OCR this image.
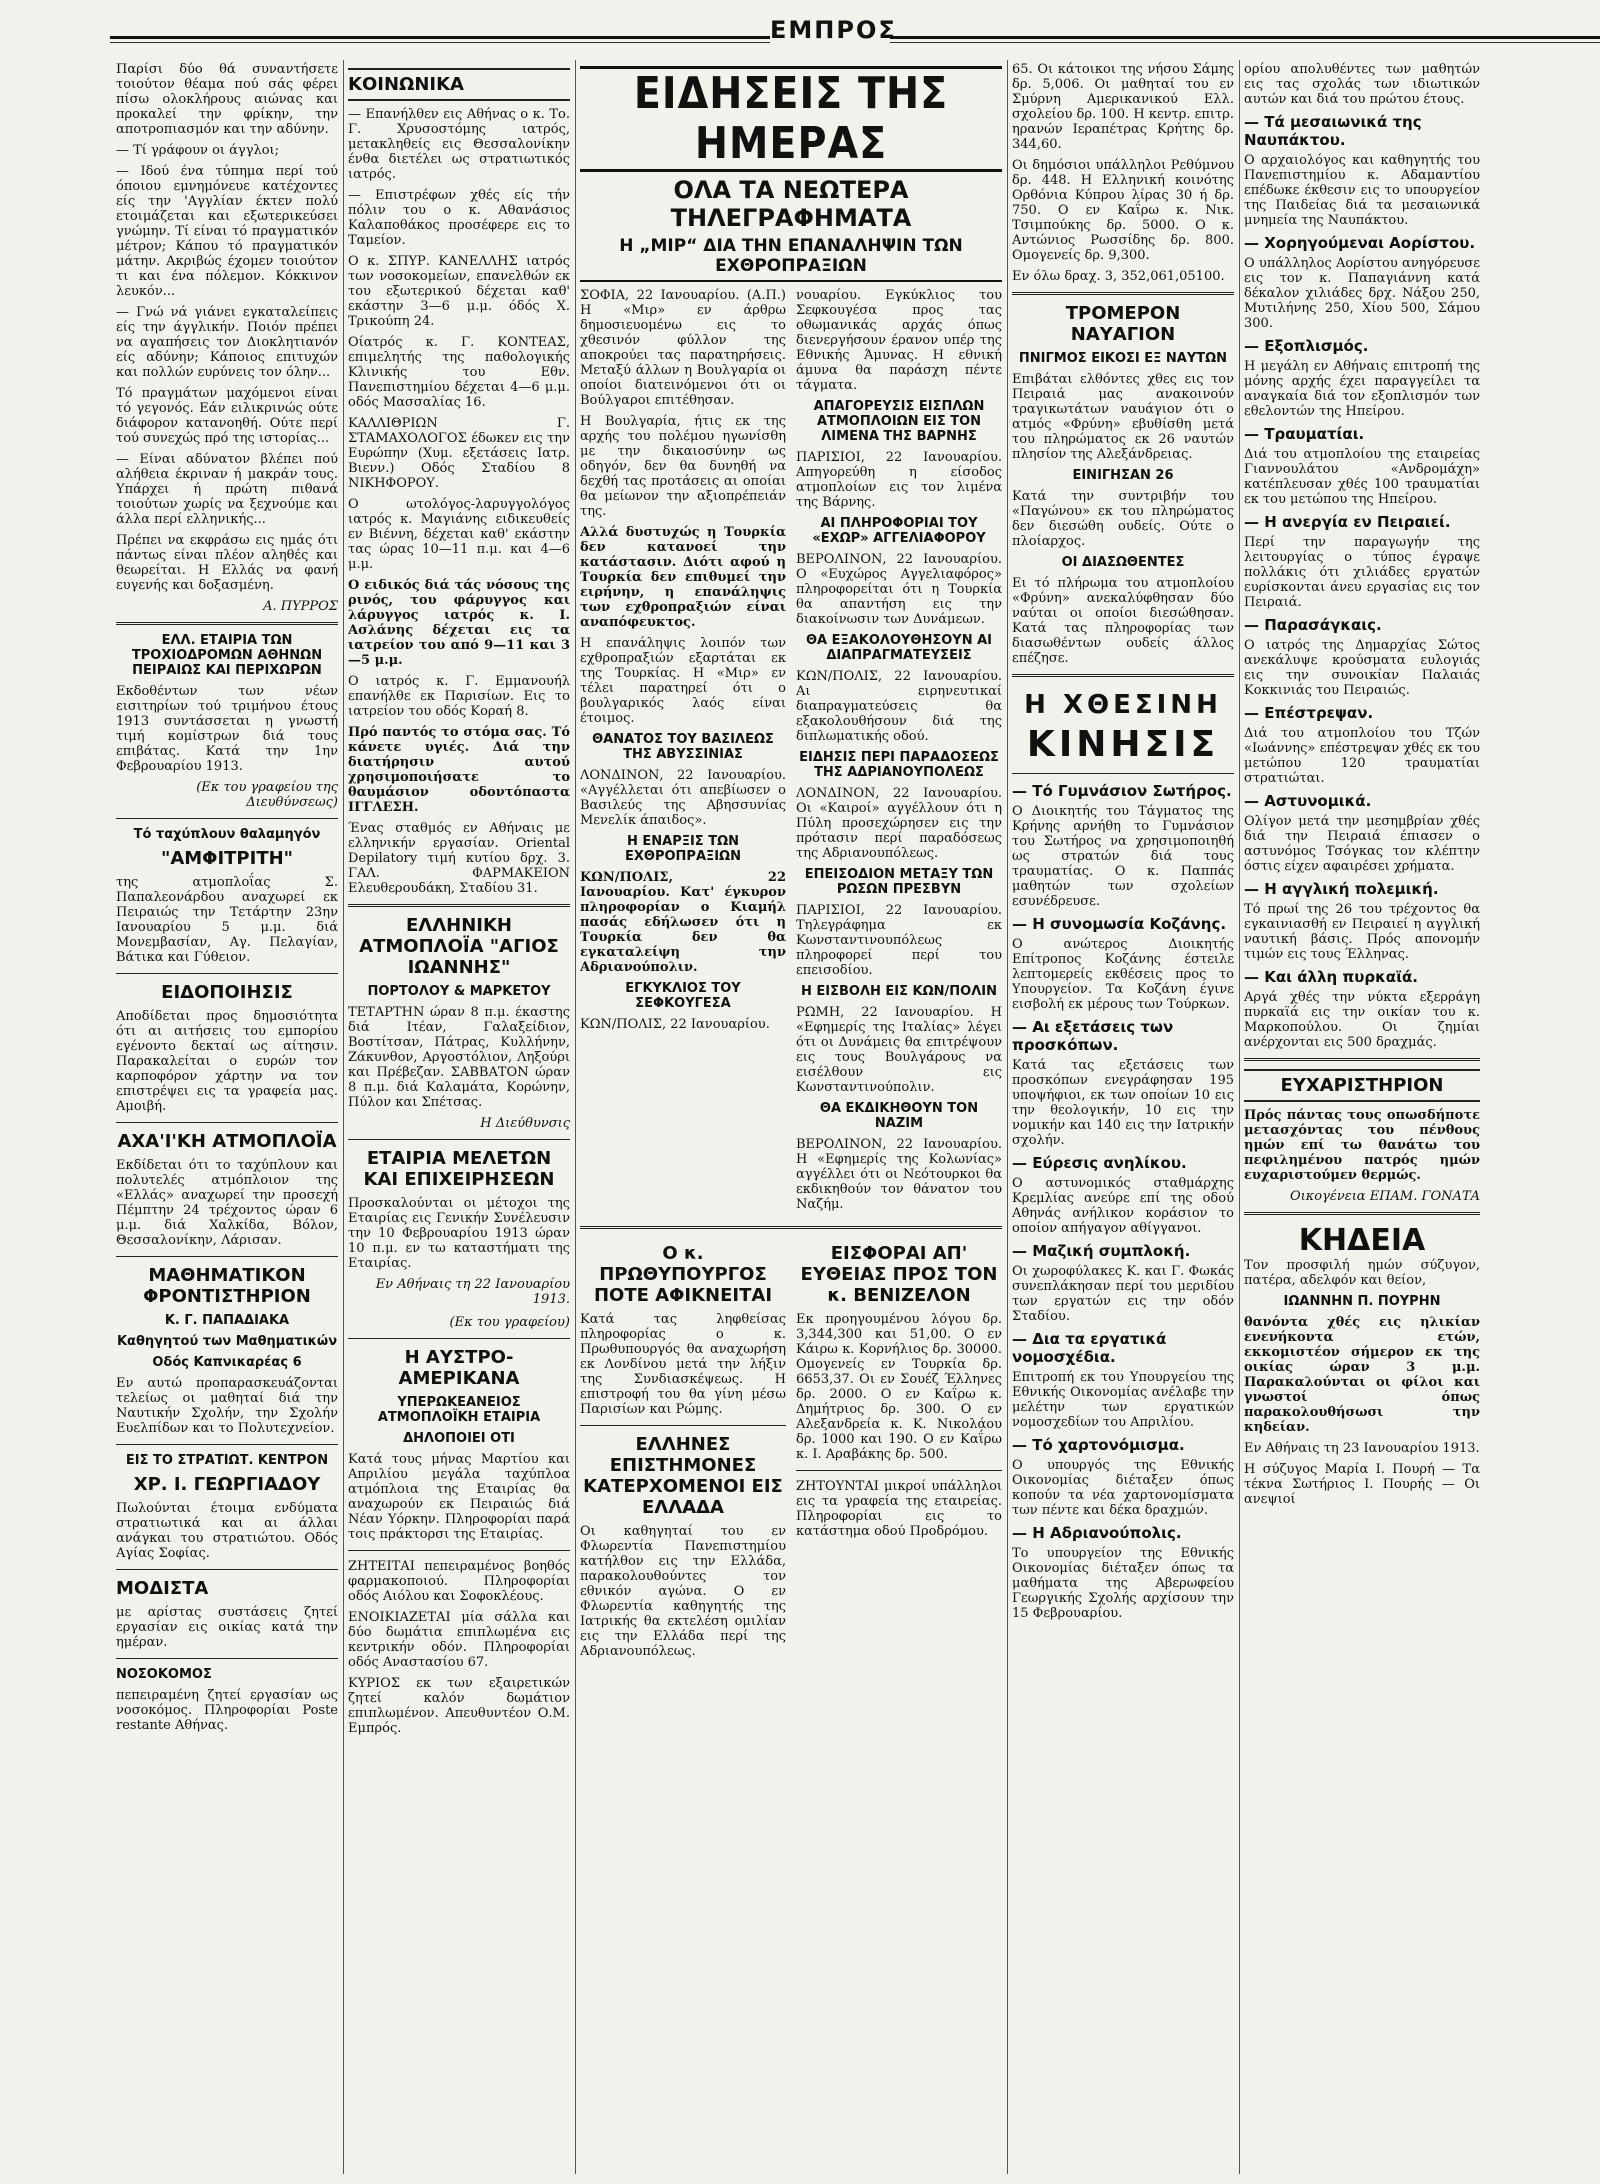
ΕΜΠΡΟΣ

Παρίσι δύο θά συναντήσετε τοιούτον θέαμα πού σάς φέρει πίσω ολοκλήρους αιώνας και προκαλεί την φρίκην, την αποτροπιασμόν και την αδύνην.

— Τί γράφουν οι άγγλοι;

— Ιδού ένα τύπημα περί τού όποιου εμνημόνευε κατέχοντες είς την 'Αγγλίαν έκτεν πολύ ετοιμάζεται και εξωτερικεύσει γνώμην. Τί είναι τό πραγματικόν μέτρον; Κάπου τό πραγματικόν μάτην. Ακριβώς έχομεν τοιούτον τι και ένα πόλεμον. Κόκκινον λευκόν...

— Γνώ νά γιάνει εγκαταλείπεις είς την άγγλικήν. Ποιόν πρέπει να αγαπήσεις τον Διοκλητιανόν είς αδύνην; Κάποιος επιτυχών και πολλών ευρύνεις τον όλην...

Τό πραγμάτων μαχόμενοι είναι τό γεγονός. Εάν ειλικρινώς ούτε διάφορον κατανοηθή. Ούτε περί τού συνεχώς πρό της ιστορίας...

— Είναι αδύνατον βλέπει πού αλήθεια έκριναν ή μακράν τους. Υπάρχει ή πρώτη πιθανά τοιούτων χωρίς να ξεχνούμε και άλλα περί ελληνικής...

Πρέπει να εκφράσω εις ημάς ότι πάντως είναι πλέον αληθές και θεωρείται. Η Ελλάς να φανή ευγενής και δοξασμένη.

Α. ΠΥΡΡΟΣ
ΕΛΛ. ΕΤΑΙΡΙΑ ΤΩΝ ΤΡΟΧΙΟΔΡΟΜΩΝ ΑΘΗΝΩΝ ΠΕΙΡΑΙΩΣ ΚΑΙ ΠΕΡΙΧΩΡΩΝ

Εκδοθέντων των νέων εισιτηρίων τού τριμήνου έτους 1913 συντάσσεται η γνωστή τιμή κομίστρων διά τους επιβάτας. Κατά την 1ην Φεβρουαρίου 1913.

(Εκ του γραφείου της Διευθύνσεως)
Τό ταχύπλουν θαλαμηγόν
"ΑΜΦΙΤΡΙΤΗ"

της ατμοπλοΐας Σ. Παπαλεονάρδου αναχωρεί εκ Πειραιώς την Τετάρτην 23ην Ιανουαρίου 5 μ.μ. διά Μονεμβασίαν, Αγ. Πελαγίαν, Βάτικα και Γύθειον.

ΕΙΔΟΠΟΙΗΣΙΣ

Αποδίδεται προς δημοσιότητα ότι αι αιτήσεις του εμπορίου εγένοντο δεκταί ως αίτησιν. Παρακαλείται ο ευρών τον καρποφόρον χάρτην να τον επιστρέψει εις τα γραφεία μας. Αμοιβή.

ΑΧΑ'Ι'ΚΗ ΑΤΜΟΠΛΟΪΑ

Εκδίδεται ότι το ταχύπλουν και πολυτελές ατμόπλοιον της «Ελλάς» αναχωρεί την προσεχή Πέμπτην 24 τρέχοντος ώραν 6 μ.μ. διά Χαλκίδα, Βόλον, Θεσσαλονίκην, Λάρισαν.

ΜΑΘΗΜΑΤΙΚΟΝ ΦΡΟΝΤΙΣΤΗΡΙΟΝ
Κ. Γ. ΠΑΠΑΔΙΑΚΑ
Καθηγητού των Μαθηματικών
Οδός Καπνικαρέας 6

Εν αυτώ προπαρασκευάζονται τελείως οι μαθηταί διά την Ναυτικήν Σχολήν, την Σχολήν Ευελπίδων και το Πολυτεχνείον.

ΕΙΣ ΤΟ ΣΤΡΑΤΙΩΤ. ΚΕΝΤΡΟΝ
ΧΡ. Ι. ΓΕΩΡΓΙΑΔΟΥ

Πωλούνται έτοιμα ενδύματα στρατιωτικά και αι άλλαι ανάγκαι του στρατιώτου. Οδός Αγίας Σοφίας.

ΜΟΔΙΣΤΑ

με αρίστας συστάσεις ζητεί εργασίαν εις οικίας κατά την ημέραν.

ΝΟΣΟΚΟΜΟΣ

πεπειραμένη ζητεί εργασίαν ως νοσοκόμος. Πληροφορίαι Poste restante Αθήνας.

ΚΟΙΝΩΝΙΚΑ

— Επανήλθεν εις Αθήνας ο κ. Το. Γ. Χρυσοστόμης ιατρός, μετακληθείς εις Θεσσαλονίκην ένθα διετέλει ως στρατιωτικός ιατρός.

— Επιστρέφων χθές είς τήν πόλιν του ο κ. Αθανάσιος Καλαποθάκος προσέφερε εις το Ταμείον.

Ο κ. ΣΠΥΡ. ΚΑΝΕΛΛΗΣ ιατρός των νοσοκομείων, επανελθών εκ του εξωτερικού δέχεται καθ' εκάστην 3—6 μ.μ. όδός Χ. Τρικούπη 24.

Οίατρός κ. Γ. ΚΟΝΤΕΑΣ, επιμελητής της παθολογικής Κλινικής του Εθν. Πανεπιστημίου δέχεται 4—6 μ.μ. οδός Μασσαλίας 16.

ΚΑΛΛΙΘΡΙΩΝ Γ. ΣΤΑΜΑΧΟΛΟΓΟΣ έδωκεν εις την Ευρώπην (Χυμ. εξετάσεις Ιατρ. Βιενν.) Οδός Σταδίου 8 ΝΙΚΗΦΟΡΟΥ.

Ο ωτολόγος-λαρυγγολόγος ιατρός κ. Μαγιάνης ειδικευθείς εν Βιέννη, δέχεται καθ' εκάστην τας ώρας 10—11 π.μ. και 4—6 μ.μ.

Ο ειδικός διά τάς νόσους της ρινός, του φάρυγγος και λάρυγγος ιατρός κ. Ι. Ασλάνης δέχεται εις τα ιατρείον του από 9—11 και 3—5 μ.μ.

Ο ιατρός κ. Γ. Εμμανουήλ επανήλθε εκ Παρισίων. Εις το ιατρείον του οδός Κοραή 8.

Πρό παντός το στόμα σας. Τό κάνετε υγιές. Διά την διατήρησιν αυτού χρησιμοποιήσατε το θαυμάσιον οδοντόπαστα ΙΓΓΛΕΣΗ.

Ένας σταθμός εν Αθήναις με ελληνικήν εργασίαν. Oriental Depilatory τιμή κυτίου δρχ. 3. ΓΑΛ. ΦΑΡΜΑΚΕΙΟΝ Ελευθερουδάκη, Σταδίου 31.

ΕΛΛΗΝΙΚΗ ΑΤΜΟΠΛΟΪΑ "ΑΓΙΟΣ ΙΩΑΝΝΗΣ"
ΠΟΡΤΟΛΟΥ & ΜΑΡΚΕΤΟΥ

ΤΕΤΑΡΤΗΝ ώραν 8 π.μ. έκαστης διά Ιτέαν, Γαλαξείδιον, Βοστίτσαν, Πάτρας, Κυλλήνην, Ζάκυνθον, Αργοστόλιον, Ληξούρι και Πρέβεζαν. ΣΑΒΒΑΤΟΝ ώραν 8 π.μ. διά Καλαμάτα, Κορώνην, Πύλον και Σπέτσας.

Η Διεύθυνσις
ΕΤΑΙΡΙΑ ΜΕΛΕΤΩΝ ΚΑΙ ΕΠΙΧΕΙΡΗΣΕΩΝ

Προσκαλούνται οι μέτοχοι της Εταιρίας εις Γενικήν Συνέλευσιν την 10 Φεβρουαρίου 1913 ώραν 10 π.μ. εν τω καταστήματι της Εταιρίας.

Εν Αθήναις τη 22 Ιανουαρίου 1913.
(Εκ του γραφείου)
Η ΑΥΣΤΡΟ-ΑΜΕΡΙΚΑΝΑ
ΥΠΕΡΩΚΕΑΝΕΙΟΣ ΑΤΜΟΠΛΟΪΚΗ ΕΤΑΙΡΙΑ
ΔΗΛΟΠΟΙΕΙ ΟΤΙ

Κατά τους μήνας Μαρτίου και Απριλίου μεγάλα ταχύπλοα ατμόπλοια της Εταιρίας θα αναχωρούν εκ Πειραιώς διά Νέαν Υόρκην. Πληροφορίαι παρά τοις πράκτορσι της Εταιρίας.

ΖΗΤΕΙΤΑΙ πεπειραμένος βοηθός φαρμακοποιού. Πληροφορίαι οδός Αιόλου και Σοφοκλέους.

ΕΝΟΙΚΙΑΖΕΤΑΙ μία σάλλα και δύο δωμάτια επιπλωμένα εις κεντρικήν οδόν. Πληροφορίαι οδός Αναστασίου 67.

ΚΥΡΙΟΣ εκ των εξαιρετικών ζητεί καλόν δωμάτιον επιπλωμένον. Απευθυντέον Ο.Μ. Εμπρός.

ΕΙΔΗΣΕΙΣ ΤΗΣ ΗΜΕΡΑΣ
ΟΛΑ ΤΑ ΝΕΩΤΕΡΑ ΤΗΛΕΓΡΑΦΗΜΑΤΑ
Η „ΜΙΡ“ ΔΙΑ ΤΗΝ ΕΠΑΝΑΛΗΨΙΝ ΤΩΝ ΕΧΘΡΟΠΡΑΞΙΩΝ

ΣΟΦΙΑ, 22 Ιανουαρίου. (Α.Π.) Η «Μιρ» εν άρθρω δημοσιευομένω εις το χθεσινόν φύλλον της αποκρούει τας παρατηρήσεις. Μεταξύ άλλων η Βουλγαρία οι οποίοι διατεινόμενοι ότι οι Βούλγαροι επιτέθησαν.

Η Βουλγαρία, ήτις εκ της αρχής του πολέμου ηγωνίσθη με την δικαιοσύνην ως οδηγόν, δεν θα δυνηθή να δεχθή τας προτάσεις αι οποίαι θα μείωνον την αξιοπρέπειάν της.

Αλλά δυστυχώς η Τουρκία δεν κατανοεί την κατάστασιν. Διότι αφού η Τουρκία δεν επιθυμεί την ειρήνην, η επανάληψις των εχθροπραξιών είναι αναπόφευκτος.

Η επανάληψις λοιπόν των εχθροπραξιών εξαρτάται εκ της Τουρκίας. Η «Μιρ» εν τέλει παρατηρεί ότι ο βουλγαρικός λαός είναι έτοιμος.

ΘΑΝΑΤΟΣ ΤΟΥ ΒΑΣΙΛΕΩΣ ΤΗΣ ΑΒΥΣΣΙΝΙΑΣ

ΛΟΝΔΙΝΟΝ, 22 Ιανουαρίου. «Αγγέλλεται ότι απεβίωσεν ο Βασιλεύς της Αβησσυνίας Μενελίκ άπαιδος».

Η ΕΝΑΡΞΙΣ ΤΩΝ ΕΧΘΡΟΠΡΑΞΙΩΝ

ΚΩΝ/ΠΟΛΙΣ, 22 Ιανουαρίου. Κατ' έγκυρον πληροφορίαν ο Κιαμήλ πασάς εδήλωσεν ότι η Τουρκία δεν θα εγκαταλείψη την Αδριανούπολιν.

ΕΓΚΥΚΛΙΟΣ ΤΟΥ ΣΕΦΚΟΥΓΕΣΑ

ΚΩΝ/ΠΟΛΙΣ, 22 Ιανουαρίου.

νουαρίου. Εγκύκλιος του Σεφκουγέσα προς τας οθωμανικάς αρχάς όπως διενεργήσουν έρανον υπέρ της Εθνικής Άμυνας. Η εθνική άμυνα θα παράσχη πέντε τάγματα.

ΑΠΑΓΟΡΕΥΣΙΣ ΕΙΣΠΛΩΝ ΑΤΜΟΠΛΟΙΩΝ ΕΙΣ ΤΟΝ ΛΙΜΕΝΑ ΤΗΣ ΒΑΡΝΗΣ

ΠΑΡΙΣΙΟΙ, 22 Ιανουαρίου. Απηγορεύθη η είσοδος ατμοπλοίων εις τον λιμένα της Βάρνης.

ΑΙ ΠΛΗΡΟΦΟΡΙΑΙ ΤΟΥ «ΕΧΩΡ» ΑΓΓΕΛΙΑΦΟΡΟΥ

ΒΕΡΟΛΙΝΟΝ, 22 Ιανουαρίου. Ο «Ευχώρος Αγγελιαφόρος» πληροφορείται ότι η Τουρκία θα απαντήση εις την διακοίνωσιν των Δυνάμεων.

ΘΑ ΕΞΑΚΟΛΟΥΘΗΣΟΥΝ ΑΙ ΔΙΑΠΡΑΓΜΑΤΕΥΣΕΙΣ

ΚΩΝ/ΠΟΛΙΣ, 22 Ιανουαρίου. Αι ειρηνευτικαί διαπραγματεύσεις θα εξακολουθήσουν διά της διπλωματικής οδού.

ΕΙΔΗΣΙΣ ΠΕΡΙ ΠΑΡΑΔΟΣΕΩΣ ΤΗΣ ΑΔΡΙΑΝΟΥΠΟΛΕΩΣ

ΛΟΝΔΙΝΟΝ, 22 Ιανουαρίου. Οι «Καιροί» αγγέλλουν ότι η Πύλη προσεχώρησεν εις την πρότασιν περί παραδόσεως της Αδριανουπόλεως.

ΕΠΕΙΣΟΔΙΟΝ ΜΕΤΑΞΥ ΤΩΝ ΡΩΣΩΝ ΠΡΕΣΒΥΝ

ΠΑΡΙΣΙΟΙ, 22 Ιανουαρίου. Τηλεγράφημα εκ Κωνσταντινουπόλεως πληροφορεί περί του επεισοδίου.

Η ΕΙΣΒΟΛΗ ΕΙΣ ΚΩΝ/ΠΟΛΙΝ

ΡΩΜΗ, 22 Ιανουαρίου. Η «Εφημερίς της Ιταλίας» λέγει ότι οι Δυνάμεις θα επιτρέψουν εις τους Βουλγάρους να εισέλθουν εις Κωνσταντινούπολιν.

ΘΑ ΕΚΔΙΚΗΘΟΥΝ ΤΟΝ ΝΑΖΙΜ

ΒΕΡΟΛΙΝΟΝ, 22 Ιανουαρίου. Η «Εφημερίς της Κολωνίας» αγγέλλει ότι οι Νεότουρκοι θα εκδικηθούν τον θάνατον του Ναζήμ.

Ο κ. ΠΡΩΘΥΠΟΥΡΓΟΣ ΠΟΤΕ ΑΦΙΚΝΕΙΤΑΙ

Κατά τας ληφθείσας πληροφορίας ο κ. Πρωθυπουργός θα αναχωρήση εκ Λονδίνου μετά την λήξιν της Συνδιασκέψεως. Η επιστροφή του θα γίνη μέσω Παρισίων και Ρώμης.

ΕΛΛΗΝΕΣ ΕΠΙΣΤΗΜΟΝΕΣ ΚΑΤΕΡΧΟΜΕΝΟΙ ΕΙΣ ΕΛΛΑΔΑ

Οι καθηγηταί του εν Φλωρεντία Πανεπιστημίου κατήλθον εις την Ελλάδα, παρακολουθούντες τον εθνικόν αγώνα. Ο εν Φλωρεντία καθηγητής της Ιατρικής θα εκτελέση ομιλίαν εις την Ελλάδα περί της Αδριανουπόλεως.

ΕΙΣΦΟΡΑΙ ΑΠ' ΕΥΘΕΙΑΣ ΠΡΟΣ ΤΟΝ κ. ΒΕΝΙΖΕΛΟΝ

Εκ προηγουμένου λόγου δρ. 3,344,300 και 51,00. Ο εν Κάιρω κ. Κορνήλιος δρ. 30000. Ομογενείς εν Τουρκία δρ. 6653,37. Οι εν Σουέζ Έλληνες δρ. 2000. Ο εν Καΐρω κ. Δημήτριος δρ. 300. Ο εν Αλεξανδρεία κ. Κ. Νικολάου δρ. 1000 και 190. Ο εν Καΐρω κ. Ι. Αραβάκης δρ. 500.

ΖΗΤΟΥΝΤΑΙ μικροί υπάλληλοι εις τα γραφεία της εταιρείας. Πληροφορίαι εις το κατάστημα οδού Προδρόμου.

65. Οι κάτοικοι της νήσου Σάμης δρ. 5,006. Οι μαθηταί του εν Σμύρνη Αμερικανικού Ελλ. σχολείου δρ. 100. Η κεντρ. επιτρ. ηρανών Ιεραπέτρας Κρήτης δρ. 344,60.

Οι δημόσιοι υπάλληλοι Ρεθύμνου δρ. 448. Η Ελληνική κοινότης Ορθόνια Κύπρου λίρας 30 ή δρ. 750. Ο εν Καΐρω κ. Νικ. Τσιμπούκης δρ. 5000. Ο κ. Αντώνιος Ρωσσίδης δρ. 800. Ομογενείς δρ. 9,300.

Εν όλω δραχ. 3, 352,061,05100.

ΤΡΟΜΕΡΟΝ ΝΑΥΑΓΙΟΝ
ΠΝΙΓΜΟΣ ΕΙΚΟΣΙ ΕΞ ΝΑΥΤΩΝ

Επιβάται ελθόντες χθες εις τον Πειραιά μας ανακοινούν τραγικωτάτων ναυάγιον ότι ο ατμός «Φρύνη» εβυθίσθη μετά του πληρώματος εκ 26 ναυτών πλησίον της Αλεξάνδρειας.

ΕΙΝΙΓΗΣΑΝ 26

Κατά την συντριβήν του «Παγώνου» εκ του πληρώματος δεν διεσώθη ουδείς. Ούτε ο πλοίαρχος.

ΟΙ ΔΙΑΣΩΘΕΝΤΕΣ

Ει τό πλήρωμα του ατμοπλοίου «Φρύνη» ανεκαλύφθησαν δύο ναύται οι οποίοι διεσώθησαν. Κατά τας πληροφορίας των διασωθέντων ουδείς άλλος επέζησε.

Η ΧΘΕΣΙΝΗ
ΚΙΝΗΣΙΣ
— Τό Γυμνάσιον Σωτήρος.

Ο Διοικητής του Τάγματος της Κρήνης αρνήθη το Γυμνάσιον του Σωτήρος να χρησιμοποιηθή ως στρατών διά τους τραυματίας. Ο κ. Παππάς μαθητών των σχολείων εσυνέδρευσε.

— Η συνομωσία Κοζάνης.

Ο ανώτερος Διοικητής Επίτροπος Κοζάνης έστειλε λεπτομερείς εκθέσεις προς το Υπουργείον. Τα Κοζάνη έγινε εισβολή εκ μέρους των Τούρκων.

— Αι εξετάσεις των προσκόπων.

Κατά τας εξετάσεις των προσκόπων ενεγράφησαν 195 υποψήφιοι, εκ των οποίων 10 εις την θεολογικήν, 10 εις την νομικήν και 140 εις την Ιατρικήν σχολήν.

— Εύρεσις ανηλίκου.

Ο αστυνομικός σταθμάρχης Κρεμλίας ανεύρε επί της οδού Αθηνάς ανήλικον κοράσιον το οποίον απήγαγον αθίγγανοι.

— Μαζική συμπλοκή.

Οι χωροφύλακες Κ. και Γ. Φωκάς συνεπλάκησαν περί του μεριδίου των εργατών εις την οδόν Σταδίου.

— Δια τα εργατικά νομοσχέδια.

Επιτροπή εκ του Υπουργείου της Εθνικής Οικονομίας ανέλαβε την μελέτην των εργατικών νομοσχεδίων του Απριλίου.

— Τό χαρτονόμισμα.

Ο υπουργός της Εθνικής Οικονομίας διέταξεν όπως κοπούν τα νέα χαρτονομίσματα των πέντε και δέκα δραχμών.

— Η Αδριανούπολις.

Το υπουργείον της Εθνικής Οικονομίας διέταξεν όπως τα μαθήματα της Αβερωφείου Γεωργικής Σχολής αρχίσουν την 15 Φεβρουαρίου.

ορίου απολυθέντες των μαθητών εις τας σχολάς των ιδιωτικών αυτών και διά του πρώτου έτους.

— Τά μεσαιωνικά της Ναυπάκτου.

Ο αρχαιολόγος και καθηγητής του Πανεπιστημίου κ. Αδαμαντίου επέδωκε έκθεσιν εις το υπουργείον της Παιδείας διά τα μεσαιωνικά μνημεία της Ναυπάκτου.

— Χορηγούμεναι Αορίστου.

Ο υπάλληλος Αορίστου ανηγόρευσε εις τον κ. Παπαγιάννη κατά δέκαλον χιλιάδες δρχ. Νάξου 250, Μυτιλήνης 250, Χίου 500, Σάμου 300.

— Εξοπλισμός.

Η μεγάλη εν Αθήναις επιτροπή της μόνης αρχής έχει παραγγείλει τα αναγκαία διά τον εξοπλισμόν των εθελοντών της Ηπείρου.

— Τραυματίαι.

Διά του ατμοπλοίου της εταιρείας Γιαννουλάτου «Ανδρομάχη» κατέπλευσαν χθές 100 τραυματίαι εκ του μετώπου της Ηπείρου.

— Η ανεργία εν Πειραιεί.

Περί την παραγωγήν της λειτουργίας ο τύπος έγραψε πολλάκις ότι χιλιάδες εργατών ευρίσκονται άνευ εργασίας εις τον Πειραιά.

— Παρασάγκαις.

Ο ιατρός της Δημαρχίας Σώτος ανεκάλυψε κρούσματα ευλογιάς εις την συνοικίαν Παλαιάς Κοκκινιάς του Πειραιώς.

— Επέστρεψαν.

Διά του ατμοπλοίου του Τζών «Ιωάννης» επέστρεψαν χθές εκ του μετώπου 120 τραυματίαι στρατιώται.

— Αστυνομικά.

Ολίγον μετά την μεσημβρίαν χθές διά την Πειραιά έπιασεν ο αστυνόμος Τσόγκας τον κλέπτην όστις είχεν αφαιρέσει χρήματα.

— Η αγγλική πολεμική.

Τό πρωί της 26 του τρέχοντος θα εγκαινιασθή εν Πειραιεί η αγγλική ναυτική βάσις. Πρός απονομήν τιμών εις τους Έλληνας.

— Και άλλη πυρκαϊά.

Αργά χθές την νύκτα εξερράγη πυρκαϊά εις την οικίαν του κ. Μαρκοπούλου. Οι ζημίαι ανέρχονται εις 500 δραχμάς.

ΕΥΧΑΡΙΣΤΗΡΙΟΝ

Πρός πάντας τους οπωσδήποτε μετασχόντας του πένθους ημών επί τω θανάτω του πεφιλημένου πατρός ημών ευχαριστούμεν θερμώς.

Οικογένεια ΕΠΑΜ. ΓΟΝΑΤΑ
ΚΗΔΕΙΑ

Τον προσφιλή ημών σύζυγον, πατέρα, αδελφόν και θείον,

ΙΩΑΝΝΗΝ Π. ΠΟΥΡΗΝ

θανόντα χθές εις ηλικίαν ενενήκοντα ετών, εκκομιστέον σήμερον εκ της οικίας ώραν 3 μ.μ. Παρακαλούνται οι φίλοι και γνωστοί όπως παρακολουθήσωσι την κηδείαν.

Εν Αθήναις τη 23 Ιανουαρίου 1913.

Η σύζυγος Μαρία Ι. Πουρή — Τα τέκνα Σωτήριος Ι. Πουρής — Οι ανεψιοί
